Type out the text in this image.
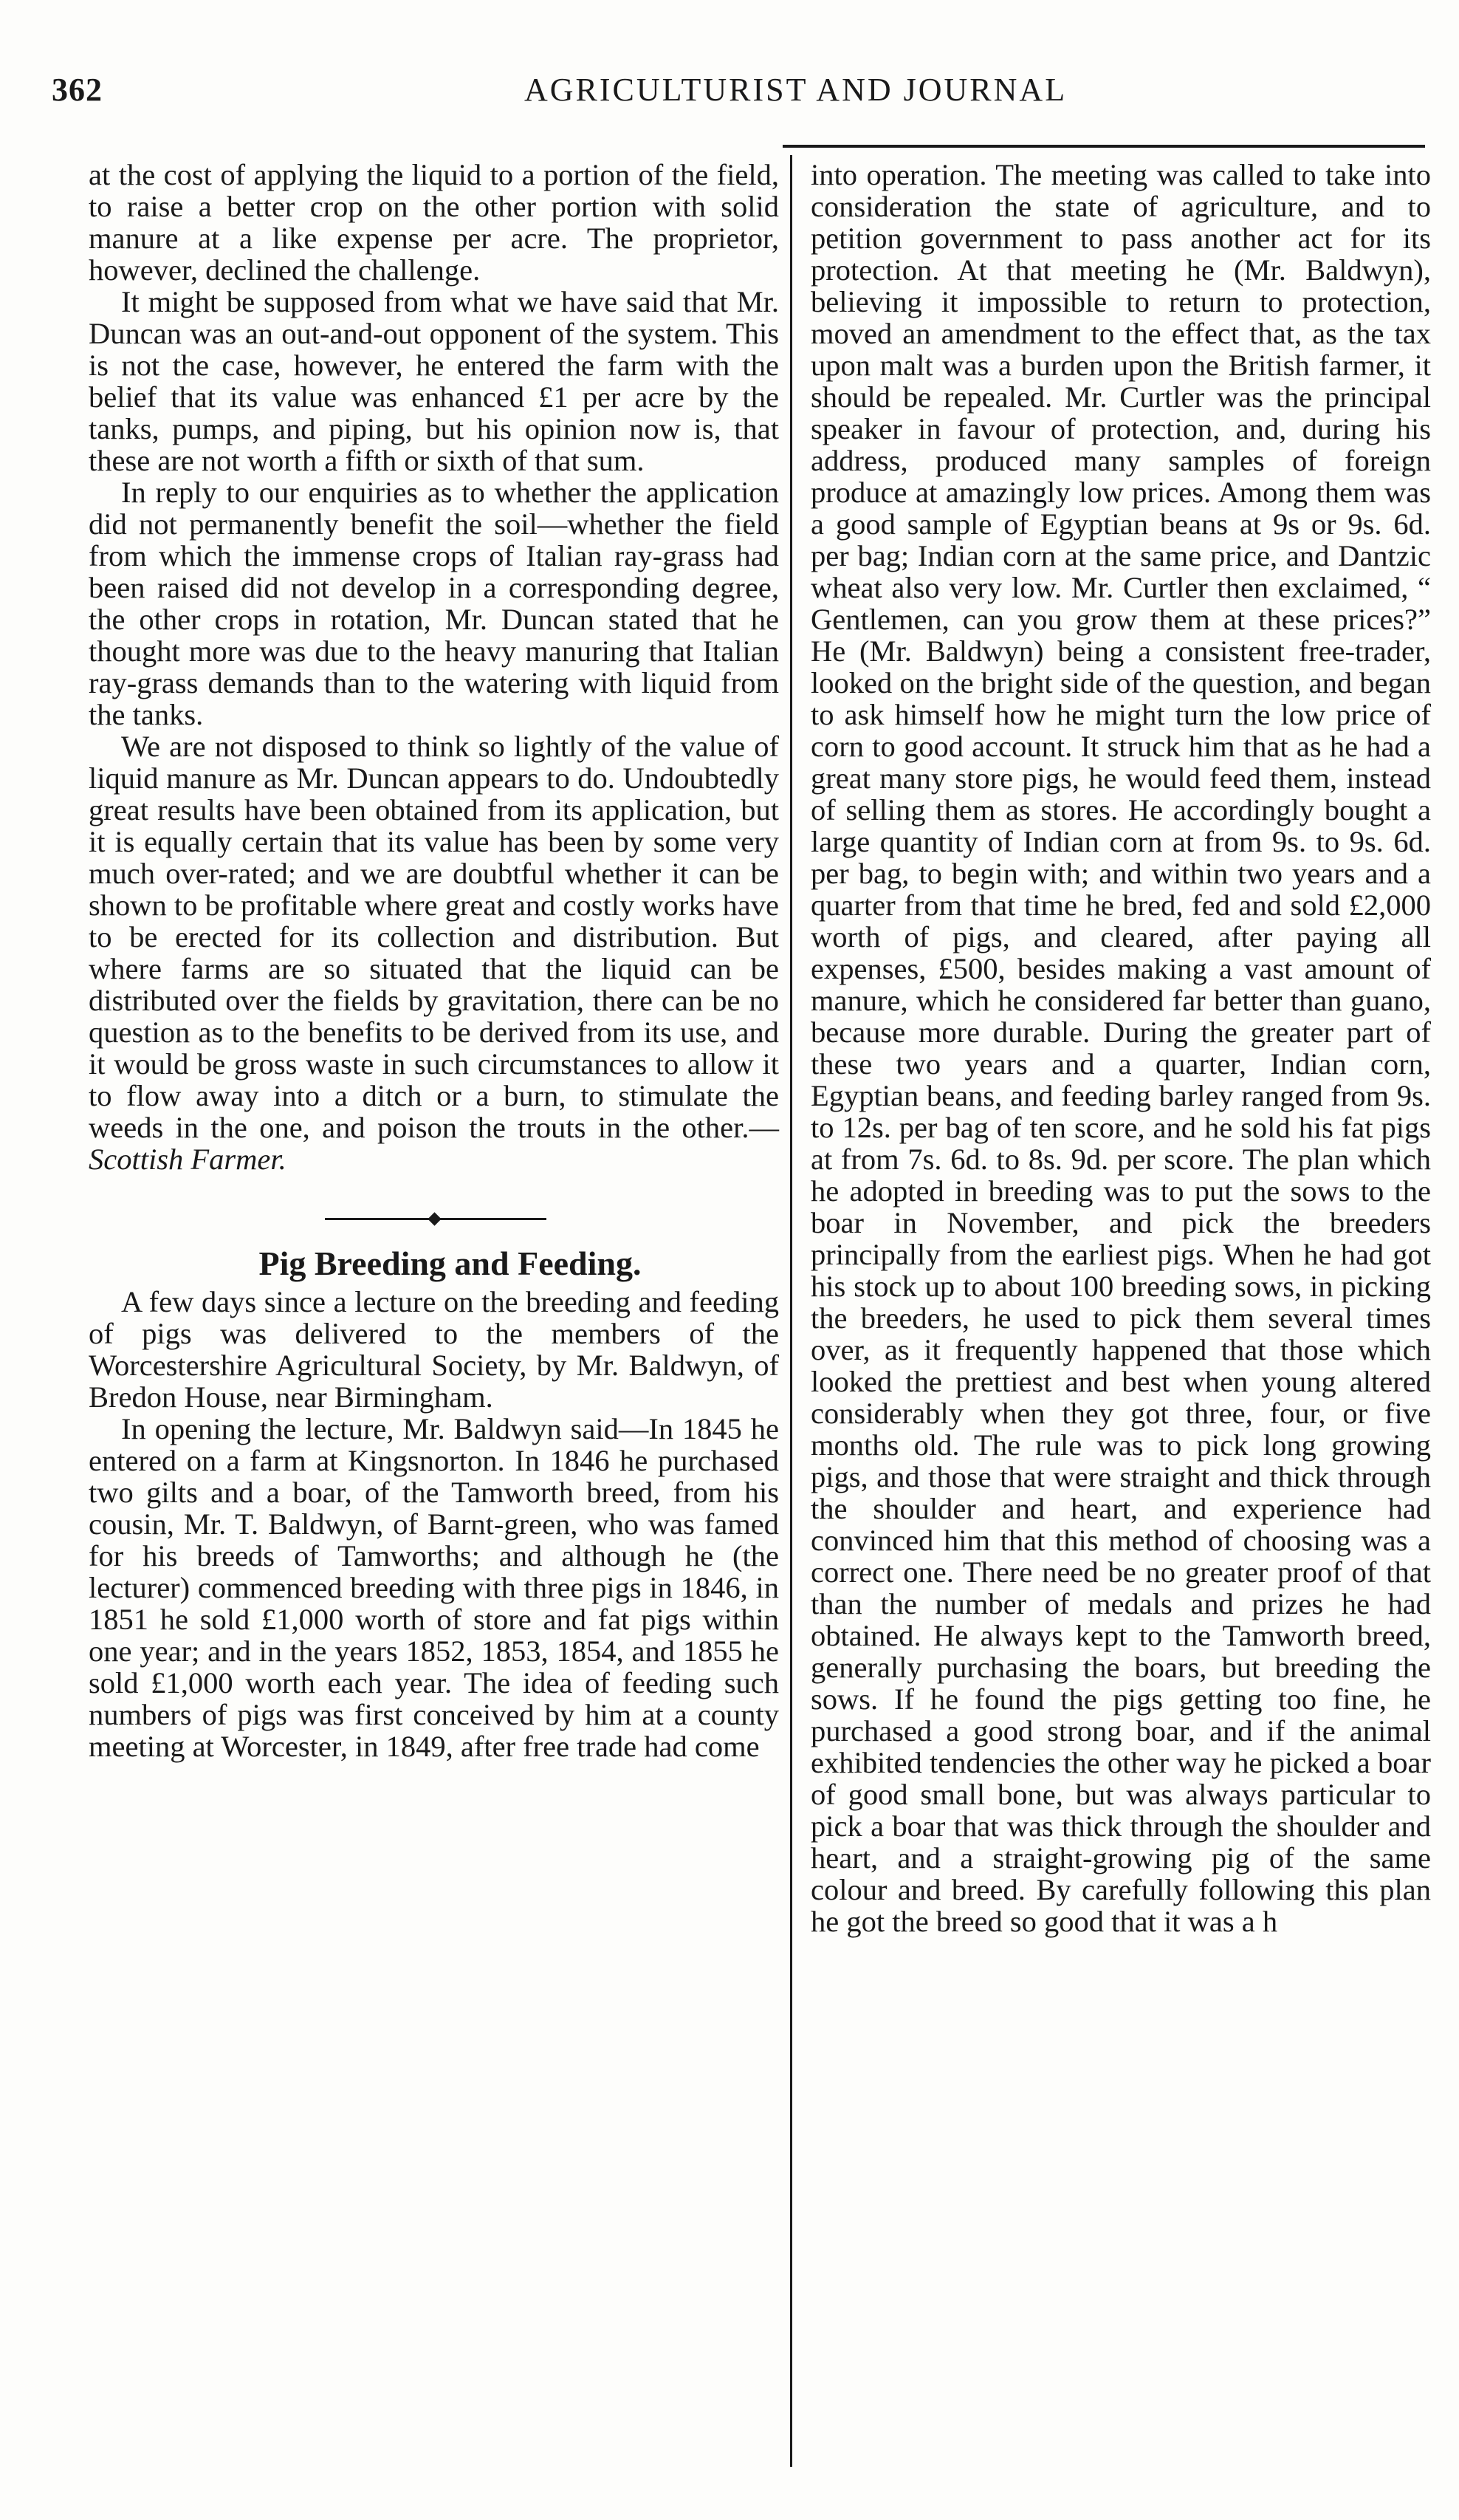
362	AGRICULTURIST AND JOURNAL

at the cost of applying the liquid to a portion of the field, to raise a better crop on the other portion with solid manure at a like expense per acre. The proprietor, however, declined the challenge.

It might be supposed from what we have said that Mr. Duncan was an out-and-out opponent of the system. This is not the case, however, he entered the farm with the belief that its value was enhanced £1 per acre by the tanks, pumps, and piping, but his opinion now is, that these are not worth a fifth or sixth of that sum.

In reply to our enquiries as to whether the application did not permanently benefit the soil—whether the field from which the immense crops of Italian ray-grass had been raised did not develop in a corresponding degree, the other crops in rotation, Mr. Duncan stated that he thought more was due to the heavy manuring that Italian ray-grass demands than to the watering with liquid from the tanks.

We are not disposed to think so lightly of the value of liquid manure as Mr. Duncan appears to do. Undoubtedly great results have been obtained from its application, but it is equally certain that its value has been by some very much over-rated; and we are doubtful whether it can be shown to be profitable where great and costly works have to be erected for its collection and distribution. But where farms are so situated that the liquid can be distributed over the fields by gravitation, there can be no question as to the benefits to be derived from its use, and it would be gross waste in such circumstances to allow it to flow away into a ditch or a burn, to stimulate the weeds in the one, and poison the trouts in the other.—Scottish Farmer.

Pig Breeding and Feeding.

A few days since a lecture on the breeding and feeding of pigs was delivered to the members of the Worcestershire Agricultural Society, by Mr. Baldwyn, of Bredon House, near Birmingham.

In opening the lecture, Mr. Baldwyn said—In 1845 he entered on a farm at Kingsnorton. In 1846 he purchased two gilts and a boar, of the Tamworth breed, from his cousin, Mr. T. Baldwyn, of Barnt-green, who was famed for his breeds of Tamworths; and although he (the lecturer) commenced breeding with three pigs in 1846, in 1851 he sold £1,000 worth of store and fat pigs within one year; and in the years 1852, 1853, 1854, and 1855 he sold £1,000 worth each year. The idea of feeding such numbers of pigs was first conceived by him at a county meeting at Worcester, in 1849, after free trade had come

into operation. The meeting was called to take into consideration the state of agriculture, and to petition government to pass another act for its protection. At that meeting he (Mr. Baldwyn), believing it impossible to return to protection, moved an amendment to the effect that, as the tax upon malt was a burden upon the British farmer, it should be repealed. Mr. Curtler was the principal speaker in favour of protection, and, during his address, produced many samples of foreign produce at amazingly low prices. Among them was a good sample of Egyptian beans at 9s or 9s. 6d. per bag; Indian corn at the same price, and Dantzic wheat also very low. Mr. Curtler then exclaimed, “ Gentlemen, can you grow them at these prices?” He (Mr. Baldwyn) being a consistent free-trader, looked on the bright side of the question, and began to ask himself how he might turn the low price of corn to good account. It struck him that as he had a great many store pigs, he would feed them, instead of selling them as stores. He accordingly bought a large quantity of Indian corn at from 9s. to 9s. 6d. per bag, to begin with; and within two years and a quarter from that time he bred, fed and sold £2,000 worth of pigs, and cleared, after paying all expenses, £500, besides making a vast amount of manure, which he considered far better than guano, because more durable. During the greater part of these two years and a quarter, Indian corn, Egyptian beans, and feeding barley ranged from 9s. to 12s. per bag of ten score, and he sold his fat pigs at from 7s. 6d. to 8s. 9d. per score. The plan which he adopted in breeding was to put the sows to the boar in November, and pick the breeders principally from the earliest pigs. When he had got his stock up to about 100 breeding sows, in picking the breeders, he used to pick them several times over, as it frequently happened that those which looked the prettiest and best when young altered considerably when they got three, four, or five months old. The rule was to pick long growing pigs, and those that were straight and thick through the shoulder and heart, and experience had convinced him that this method of choosing was a correct one. There need be no greater proof of that than the number of medals and prizes he had obtained. He always kept to the Tamworth breed, generally purchasing the boars, but breeding the sows. If he found the pigs getting too fine, he purchased a good strong boar, and if the animal exhibited tendencies the other way he picked a boar of good small bone, but was always particular to pick a boar that was thick through the shoulder and heart, and a straight-growing pig of the same colour and breed. By carefully following this plan he got the breed so good that it was a h
